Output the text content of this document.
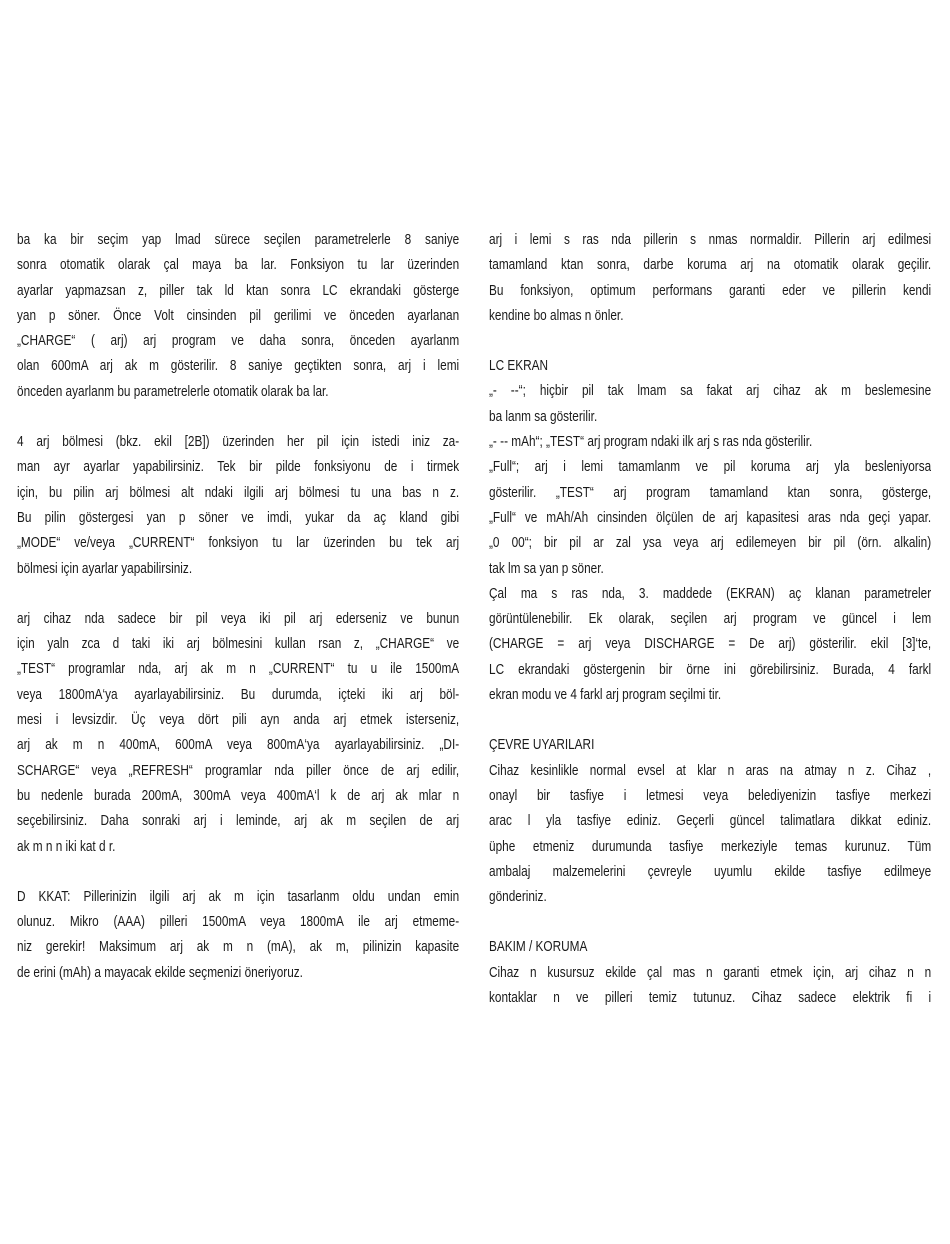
ba ka bir seçim yap lmad sürece seçilen parametrelerle 8 saniye
sonra otomatik olarak çal maya ba lar. Fonksiyon tu lar üzerinden
ayarlar yapmazsan z, piller tak ld ktan sonra LC ekrandaki gösterge
yan p söner. Önce Volt cinsinden pil gerilimi ve önceden ayarlanan
„CHARGE“ ( arj) arj program ve daha sonra, önceden ayarlanm
olan 600mA arj ak m gösterilir. 8 saniye geçtikten sonra, arj i lemi
önceden ayarlanm bu parametrelerle otomatik olarak ba lar.
4 arj bölmesi (bkz. ekil [2B]) üzerinden her pil için istedi iniz za-
man ayr ayarlar yapabilirsiniz. Tek bir pilde fonksiyonu de i tirmek
için, bu pilin arj bölmesi alt ndaki ilgili arj bölmesi tu una bas n z.
Bu pilin göstergesi yan p söner ve imdi, yukar da aç kland gibi
„MODE“ ve/veya „CURRENT“ fonksiyon tu lar üzerinden bu tek arj
bölmesi için ayarlar yapabilirsiniz.
arj cihaz nda sadece bir pil veya iki pil arj ederseniz ve bunun
için yaln zca d taki iki arj bölmesini kullan rsan z, „CHARGE“ ve
„TEST“ programlar nda, arj ak m n „CURRENT“ tu u ile 1500mA
veya 1800mA‘ya ayarlayabilirsiniz. Bu durumda, içteki iki arj böl-
mesi i levsizdir. Üç veya dört pili ayn anda arj etmek isterseniz,
arj ak m n 400mA, 600mA veya 800mA‘ya ayarlayabilirsiniz. „DI-
SCHARGE“ veya „REFRESH“ programlar nda piller önce de arj edilir,
bu nedenle burada 200mA, 300mA veya 400mA‘l k de arj ak mlar n
seçebilirsiniz. Daha sonraki arj i leminde, arj ak m seçilen de arj
ak m n n iki kat d r.
D KKAT: Pillerinizin ilgili arj ak m için tasarlanm oldu undan emin
olunuz. Mikro (AAA) pilleri 1500mA veya 1800mA ile arj etmeme-
niz gerekir! Maksimum arj ak m n (mA), ak m, pilinizin kapasite
de erini (mAh) a mayacak ekilde seçmenizi öneriyoruz.
arj i lemi s ras nda pillerin s nmas normaldir. Pillerin arj edilmesi
tamamland ktan sonra, darbe koruma arj na otomatik olarak geçilir.
Bu fonksiyon, optimum performans garanti eder ve pillerin kendi
kendine bo almas n önler.
LC EKRAN
„- --“; hiçbir pil tak lmam sa fakat arj cihaz ak m beslemesine
ba lanm sa gösterilir.
„- -- mAh“; „TEST“ arj program ndaki ilk arj s ras nda gösterilir.
„Full“; arj i lemi tamamlanm ve pil koruma arj yla besleniyorsa
gösterilir. „TEST“ arj program tamamland ktan sonra, gösterge,
„Full“ ve mAh/Ah cinsinden ölçülen de arj kapasitesi aras nda geçi yapar.
„0 00“; bir pil ar zal ysa veya arj edilemeyen bir pil (örn. alkalin)
tak lm sa yan p söner.
Çal ma s ras nda, 3. maddede (EKRAN) aç klanan parametreler
görüntülenebilir. Ek olarak, seçilen arj program ve güncel i lem
(CHARGE = arj veya DISCHARGE = De arj) gösterilir. ekil [3]‘te,
LC ekrandaki göstergenin bir örne ini görebilirsiniz. Burada, 4 farkl
ekran modu ve 4 farkl arj program seçilmi tir.
ÇEVRE UYARILARI
Cihaz kesinlikle normal evsel at klar n aras na atmay n z. Cihaz ,
onayl bir tasfiye i letmesi veya belediyenizin tasfiye merkezi
arac l yla tasfiye ediniz. Geçerli güncel talimatlara dikkat ediniz.
üphe etmeniz durumunda tasfiye merkeziyle temas kurunuz. Tüm
ambalaj malzemelerini çevreyle uyumlu ekilde tasfiye edilmeye
gönderiniz.
BAKIM / KORUMA
Cihaz n kusursuz ekilde çal mas n garanti etmek için, arj cihaz n n
kontaklar n ve pilleri temiz tutunuz. Cihaz sadece elektrik fi i
